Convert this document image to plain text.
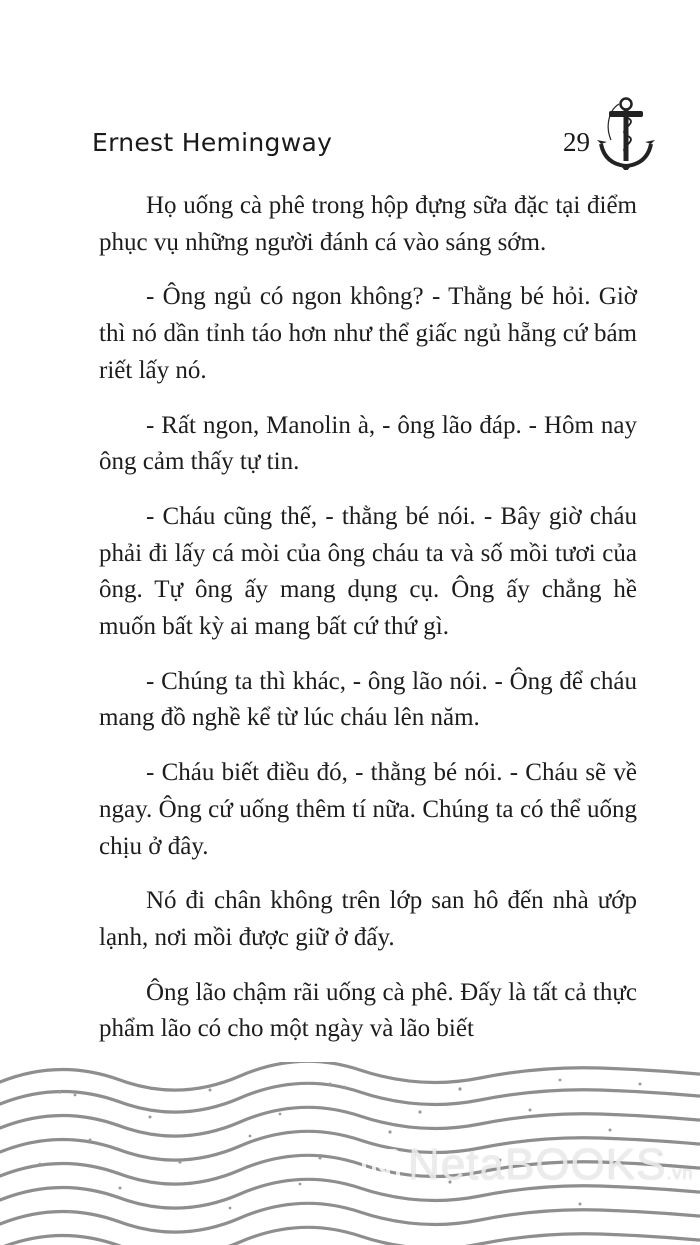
Ernest Hemingway	29

Họ uống cà phê trong hộp đựng sữa đặc tại điểm phục vụ những người đánh cá vào sáng sớm.

- Ông ngủ có ngon không? - Thằng bé hỏi. Giờ thì nó dần tỉnh táo hơn như thể giấc ngủ hẵng cứ bám riết lấy nó.

- Rất ngon, Manolin à, - ông lão đáp. - Hôm nay ông cảm thấy tự tin.

- Cháu cũng thế, - thằng bé nói. - Bây giờ cháu phải đi lấy cá mòi của ông cháu ta và số mồi tươi của ông. Tự ông ấy mang dụng cụ. Ông ấy chẳng hề muốn bất kỳ ai mang bất cứ thứ gì.

- Chúng ta thì khác, - ông lão nói. - Ông để cháu mang đồ nghề kể từ lúc cháu lên năm.

- Cháu biết điều đó, - thằng bé nói. - Cháu sẽ về ngay. Ông cứ uống thêm tí nữa. Chúng ta có thể uống chịu ở đây.

Nó đi chân không trên lớp san hô đến nhà ướp lạnh, nơi mồi được giữ ở đấy.

Ông lão chậm rãi uống cà phê. Đấy là tất cả thực phẩm lão có cho một ngày và lão biết

NetaBOOKS.vn
